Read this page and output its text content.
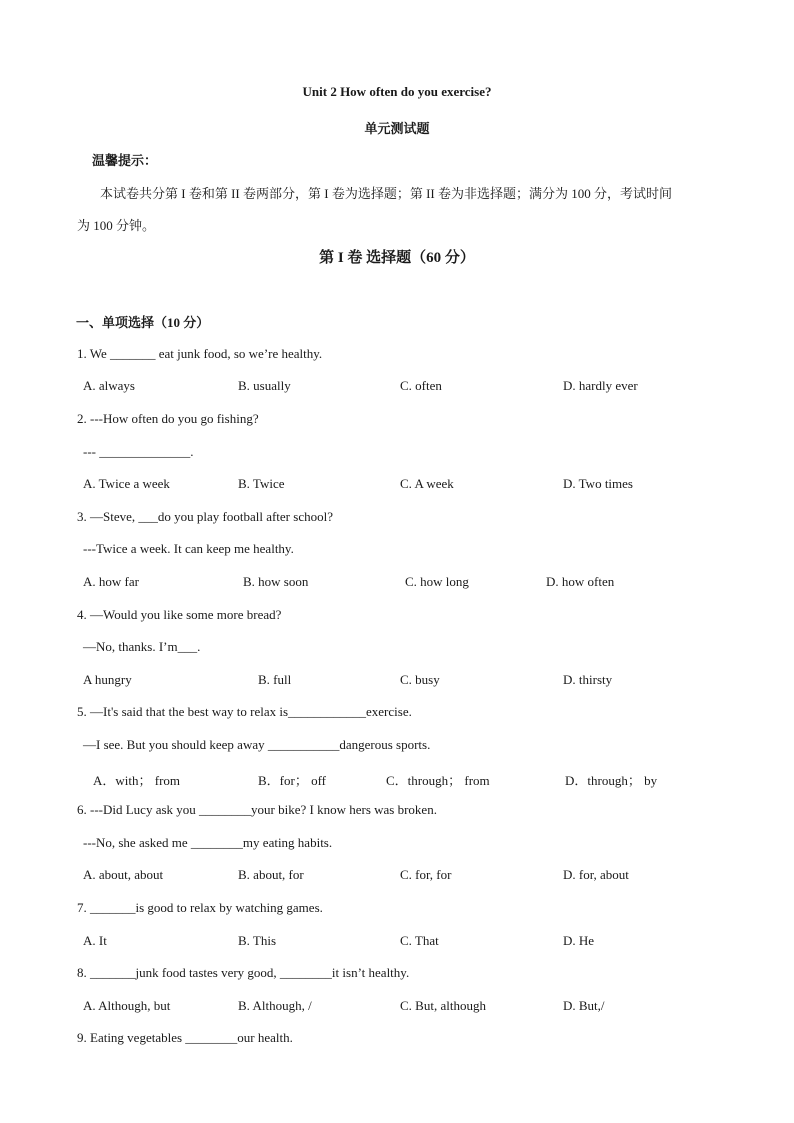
Unit 2 How often do you exercise?
单元测试题
温馨提示：
本试卷共分第 I 卷和第 II 卷两部分，第 I 卷为选择题；第 II 卷为非选择题；满分为 100 分，考试时间
为 100 分钟。
第 I 卷 选择题（60 分）
一、单项选择（10 分）
1. We _______ eat junk food, so we’re healthy.
A. always	B. usually	C. often	D. hardly ever
2. ---How often do you go fishing?
--- ______________.
A. Twice a week	B. Twice	C. A week	D. Two times
3. —Steve, ___do you play football after school?
---Twice a week. It can keep me healthy.
A. how far	B. how soon	C. how long	D. how often
4. —Would you like some more bread?
—No, thanks. I’m___.
A hungry	B. full	C. busy	D. thirsty
5. —It's said that the best way to relax is____________exercise.
—I see. But you should keep away ___________dangerous sports.
A．with； from	B．for； off	C．through； from	D．through； by
6. ---Did Lucy ask you ________your bike? I know hers was broken.
---No, she asked me ________my eating habits.
A. about, about	B. about, for	C. for, for	D. for, about
7. _______is good to relax by watching games.
A. It	B. This	C. That	D. He
8. _______junk food tastes very good, ________it isn’t healthy.
A. Although, but	B. Although, /	C. But, although	D. But,/
9. Eating vegetables ________our health.
